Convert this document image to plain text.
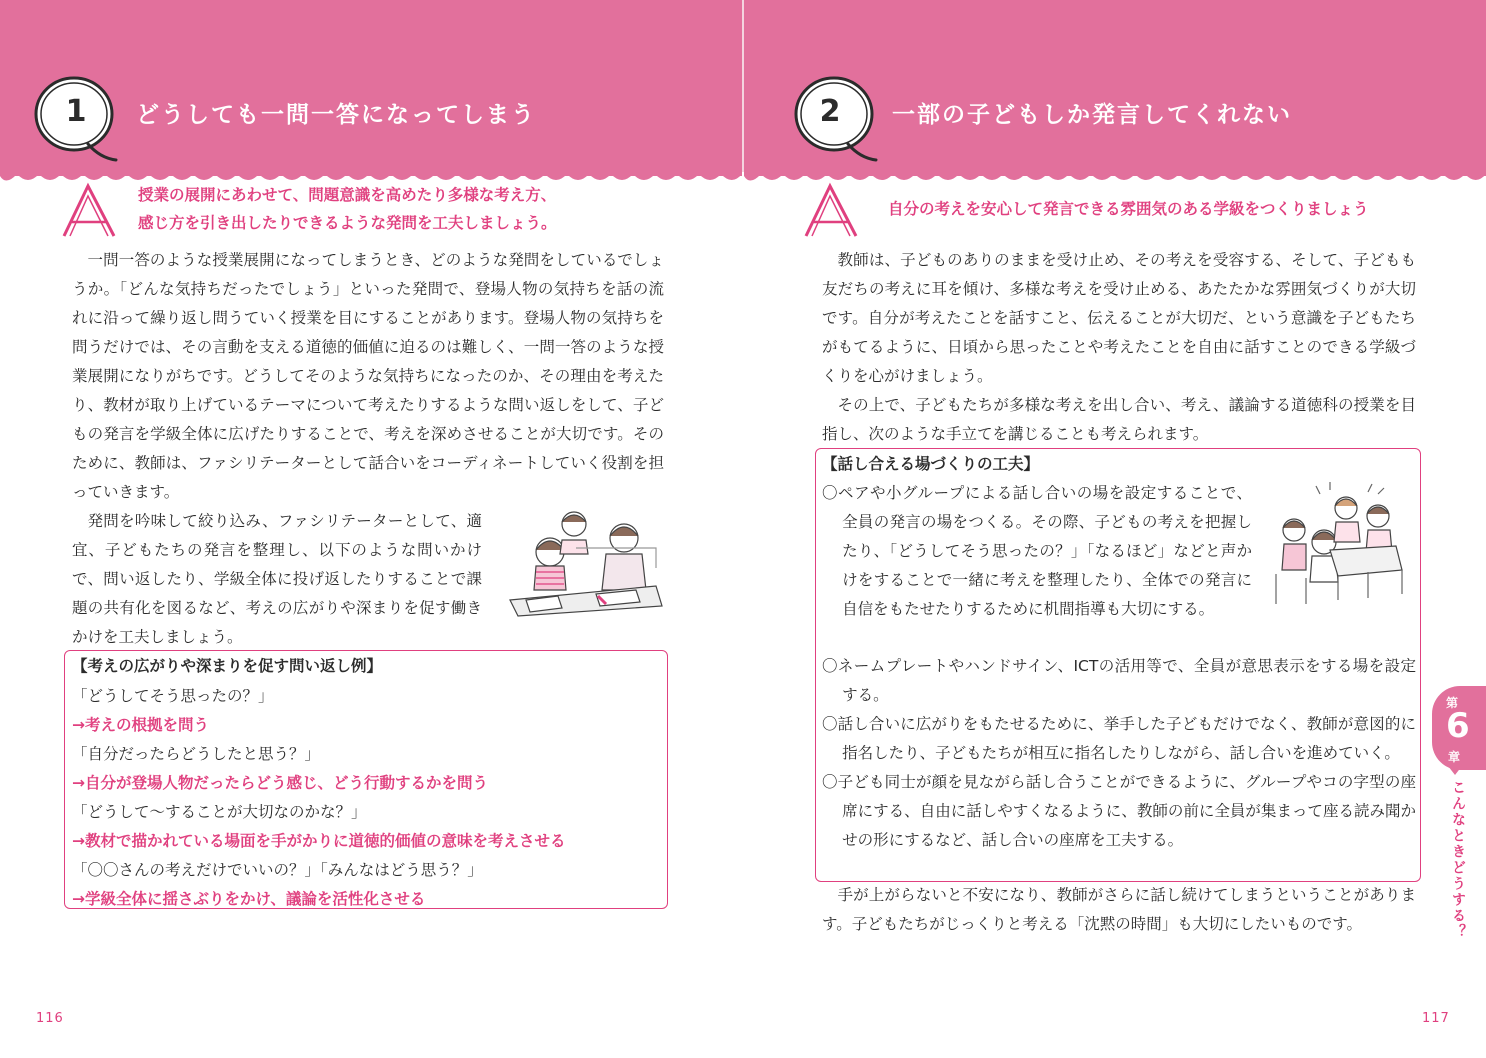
1	どうしても一問一答になってしまう	2	一部の子どもしか発言してくれない
授業の展開にあわせて、問題意識を高めたり多様な考え方、
感じ方を引き出したりできるような発問を工夫しましょう。

一問一答のような授業展開になってしまうとき、どのような発問をしているでしょうか。「どんな気持ちだったでしょう」といった発問で、登場人物の気持ちを話の流れに沿って繰り返し問うていく授業を目にすることがあります。登場人物の気持ちを問うだけでは、その言動を支える道徳的価値に迫るのは難しく、一問一答のような授業展開になりがちです。どうしてそのような気持ちになったのか、その理由を考えたり、教材が取り上げているテーマについて考えたりするような問い返しをして、子どもの発言を学級全体に広げたりすることで、考えを深めさせることが大切です。そのために、教師は、ファシリテーターとして話合いをコーディネートしていく役割を担っていきます。

発問を吟味して絞り込み、ファシリテーターとして、適宜、子どもたちの発言を整理し、以下のような問いかけで、問い返したり、学級全体に投げ返したりすることで課題の共有化を図るなど、考えの広がりや深まりを促す働きかけを工夫しましょう。

【考えの広がりや深まりを促す問い返し例】
「どうしてそう思ったの？」
→考えの根拠を問う
「自分だったらどうしたと思う？」
→自分が登場人物だったらどう感じ、どう行動するかを問う
「どうして～することが大切なのかな？」
→教材で描かれている場面を手がかりに道徳的価値の意味を考えさせる
「〇〇さんの考えだけでいいの？」「みんなはどう思う？」
→学級全体に揺さぶりをかけ、議論を活性化させる
116
自分の考えを安心して発言できる雰囲気のある学級をつくりましょう

教師は、子どものありのままを受け止め、その考えを受容する、そして、子どもも友だちの考えに耳を傾け、多様な考えを受け止める、あたたかな雰囲気づくりが大切です。自分が考えたことを話すこと、伝えることが大切だ、という意識を子どもたちがもてるように、日頃から思ったことや考えたことを自由に話すことのできる学級づくりを心がけましょう。

その上で、子どもたちが多様な考えを出し合い、考え、議論する道徳科の授業を目指し、次のような手立てを講じることも考えられます。

【話し合える場づくりの工夫】
〇ペアや小グループによる話し合いの場を設定することで、全員の発言の場をつくる。その際、子どもの考えを把握したり、「どうしてそう思ったの？」「なるほど」などと声かけをすることで一緒に考えを整理したり、全体での発言に自信をもたせたりするために机間指導も大切にする。
〇ネームプレートやハンドサイン、ICTの活用等で、全員が意思表示をする場を設定する。
〇話し合いに広がりをもたせるために、挙手した子どもだけでなく、教師が意図的に指名したり、子どもたちが相互に指名したりしながら、話し合いを進めていく。
〇子ども同士が顔を見ながら話し合うことができるように、グループやコの字型の座席にする、自由に話しやすくなるように、教師の前に全員が集まって座る読み聞かせの形にするなど、話し合いの座席を工夫する。

手が上がらないと不安になり、教師がさらに話し続けてしまうということがあります。子どもたちがじっくりと考える「沈黙の時間」も大切にしたいものです。

第
6
章
こんなときどうする？
117
